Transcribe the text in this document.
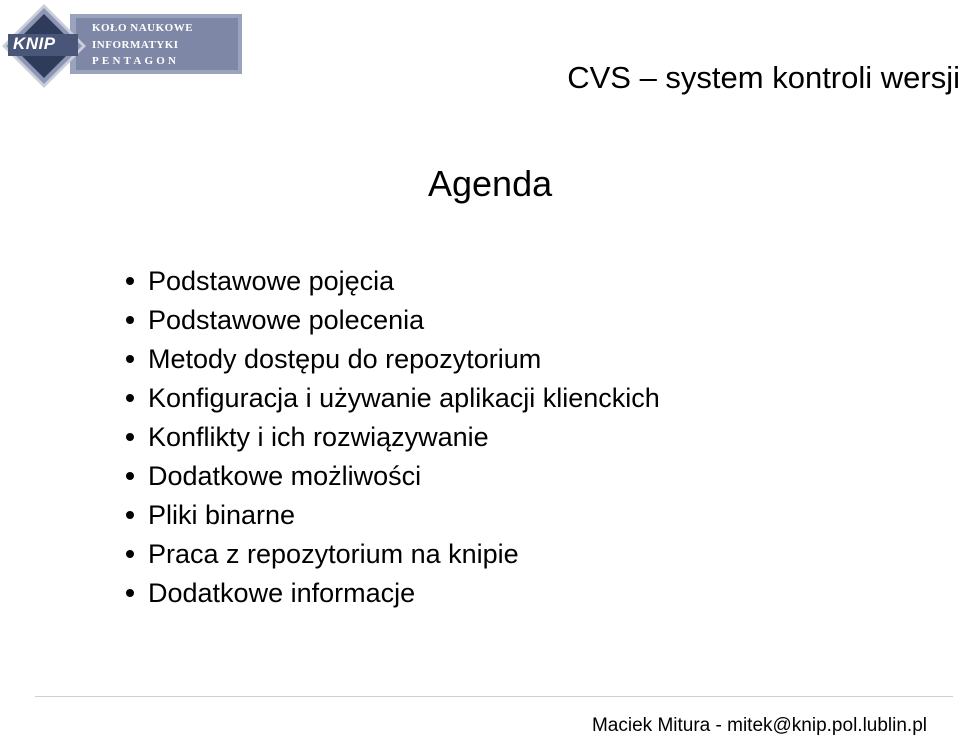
KNIP
KOŁO NAUKOWE
INFORMATYKI
PENTAGON	CVS – system kontroli wersji
Agenda
Podstawowe pojęcia
Podstawowe polecenia
Metody dostępu do repozytorium
Konfiguracja i używanie aplikacji klienckich
Konflikty i ich rozwiązywanie
Dodatkowe możliwości
Pliki binarne
Praca z repozytorium na knipie
Dodatkowe informacje
Maciek Mitura - mitek@knip.pol.lublin.pl
